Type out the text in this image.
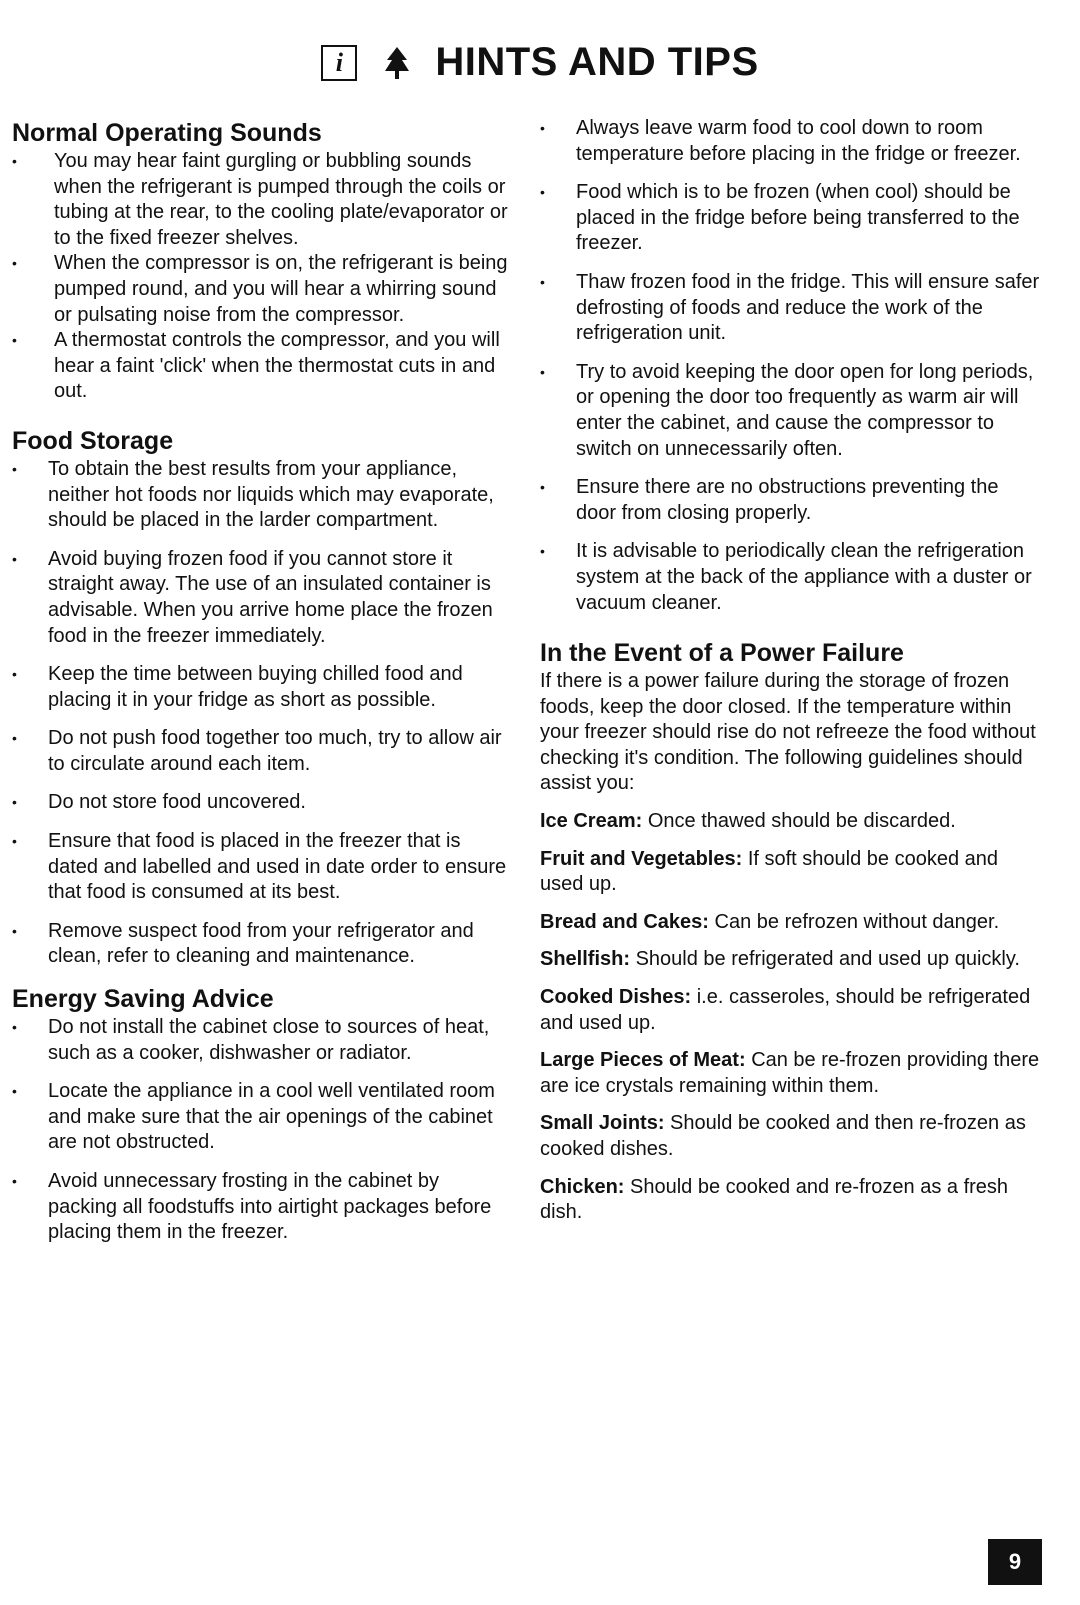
i	HINTS AND TIPS
Normal Operating Sounds
• You may hear faint gurgling or bubbling sounds when the refrigerant is pumped through the coils or tubing at the rear, to the cooling plate/evaporator or to the fixed freezer shelves.
• When the compressor is on, the refrigerant is being pumped round, and you will hear a whirring sound or pulsating noise from the compressor.
• A thermostat controls the compressor, and you will hear a faint 'click' when the thermostat cuts in and out.
Food Storage
• To obtain the best results from your appliance, neither hot foods nor liquids which may evaporate, should be placed in the larder compartment.
• Avoid buying frozen food if you cannot store it straight away. The use of an insulated container is advisable. When you arrive home place the frozen food in the freezer immediately.
• Keep the time between buying chilled food and placing it in your fridge as short as possible.
• Do not push food together too much, try to allow air to circulate around each item.
• Do not store food uncovered.
• Ensure that food is placed in the freezer that is dated and labelled and used in date order to ensure that food is consumed at its best.
• Remove suspect food from your refrigerator and clean, refer to cleaning and maintenance.
Energy Saving Advice
• Do not install the cabinet close to sources of heat, such as a cooker, dishwasher or radiator.
• Locate the appliance in a cool well ventilated room and make sure that the air openings of the cabinet are not obstructed.
• Avoid unnecessary frosting in the cabinet by packing all foodstuffs into airtight packages before placing them in the freezer.
• Always leave warm food to cool down to room temperature before placing in the fridge or freezer.
• Food which is to be frozen (when cool) should be placed in the fridge before being transferred to the freezer.
• Thaw frozen food in the fridge. This will ensure safer defrosting of foods and reduce the work of the refrigeration unit.
• Try to avoid keeping the door open for long periods, or opening the door too frequently as warm air will enter the cabinet, and cause the compressor to switch on unnecessarily often.
• Ensure there are no obstructions preventing the door from closing properly.
• It is advisable to periodically clean the refrigeration system at the back of the appliance with a duster or vacuum cleaner.
In the Event of a Power Failure

If there is a power failure during the storage of frozen foods, keep the door closed. If the temperature within your freezer should rise do not refreeze the food without checking it's condition. The following guidelines should assist you:

Ice Cream: Once thawed should be discarded.

Fruit and Vegetables: If soft should be cooked and used up.

Bread and Cakes: Can be refrozen without danger.

Shellfish: Should be refrigerated and used up quickly.

Cooked Dishes: i.e. casseroles, should be refrigerated and used up.

Large Pieces of Meat: Can be re-frozen providing there are ice crystals remaining within them.

Small Joints: Should be cooked and then re-frozen as cooked dishes.

Chicken: Should be cooked and re-frozen as a fresh dish.

9
